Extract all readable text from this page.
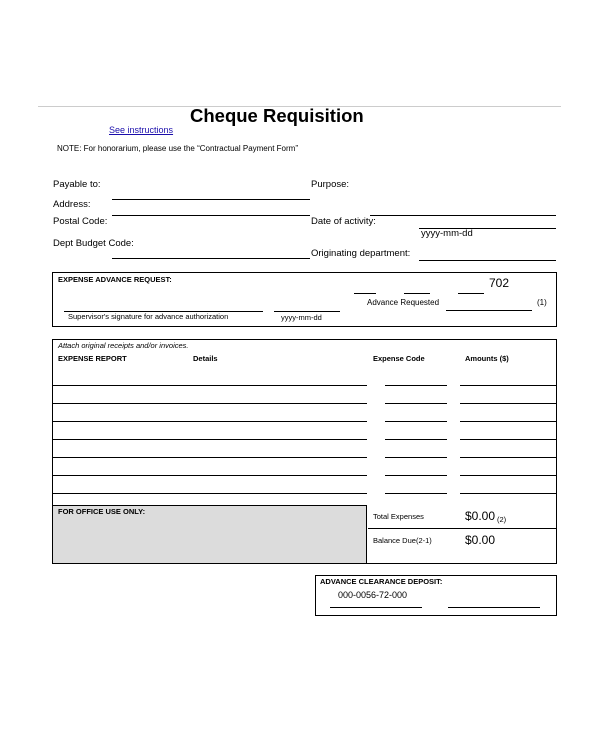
Cheque Requisition
See instructions
NOTE: For honorarium, please use the “Contractual Payment Form”
Payable to:
Address:
Postal Code:
Dept Budget Code:
Purpose:
Date of activity:
yyyy-mm-dd
Originating department:
EXPENSE ADVANCE REQUEST:	702
Advance Requested	(1)
Supervisor's signature for advance authorization	yyyy-mm-dd
Attach original receipts and/or invoices.
EXPENSE REPORT	Details	Expense Code	Amounts ($)
FOR OFFICE USE ONLY:
Total Expenses	$0.00 (2)
Balance Due(2-1)	$0.00
ADVANCE CLEARANCE DEPOSIT:
000-0056-72-000
